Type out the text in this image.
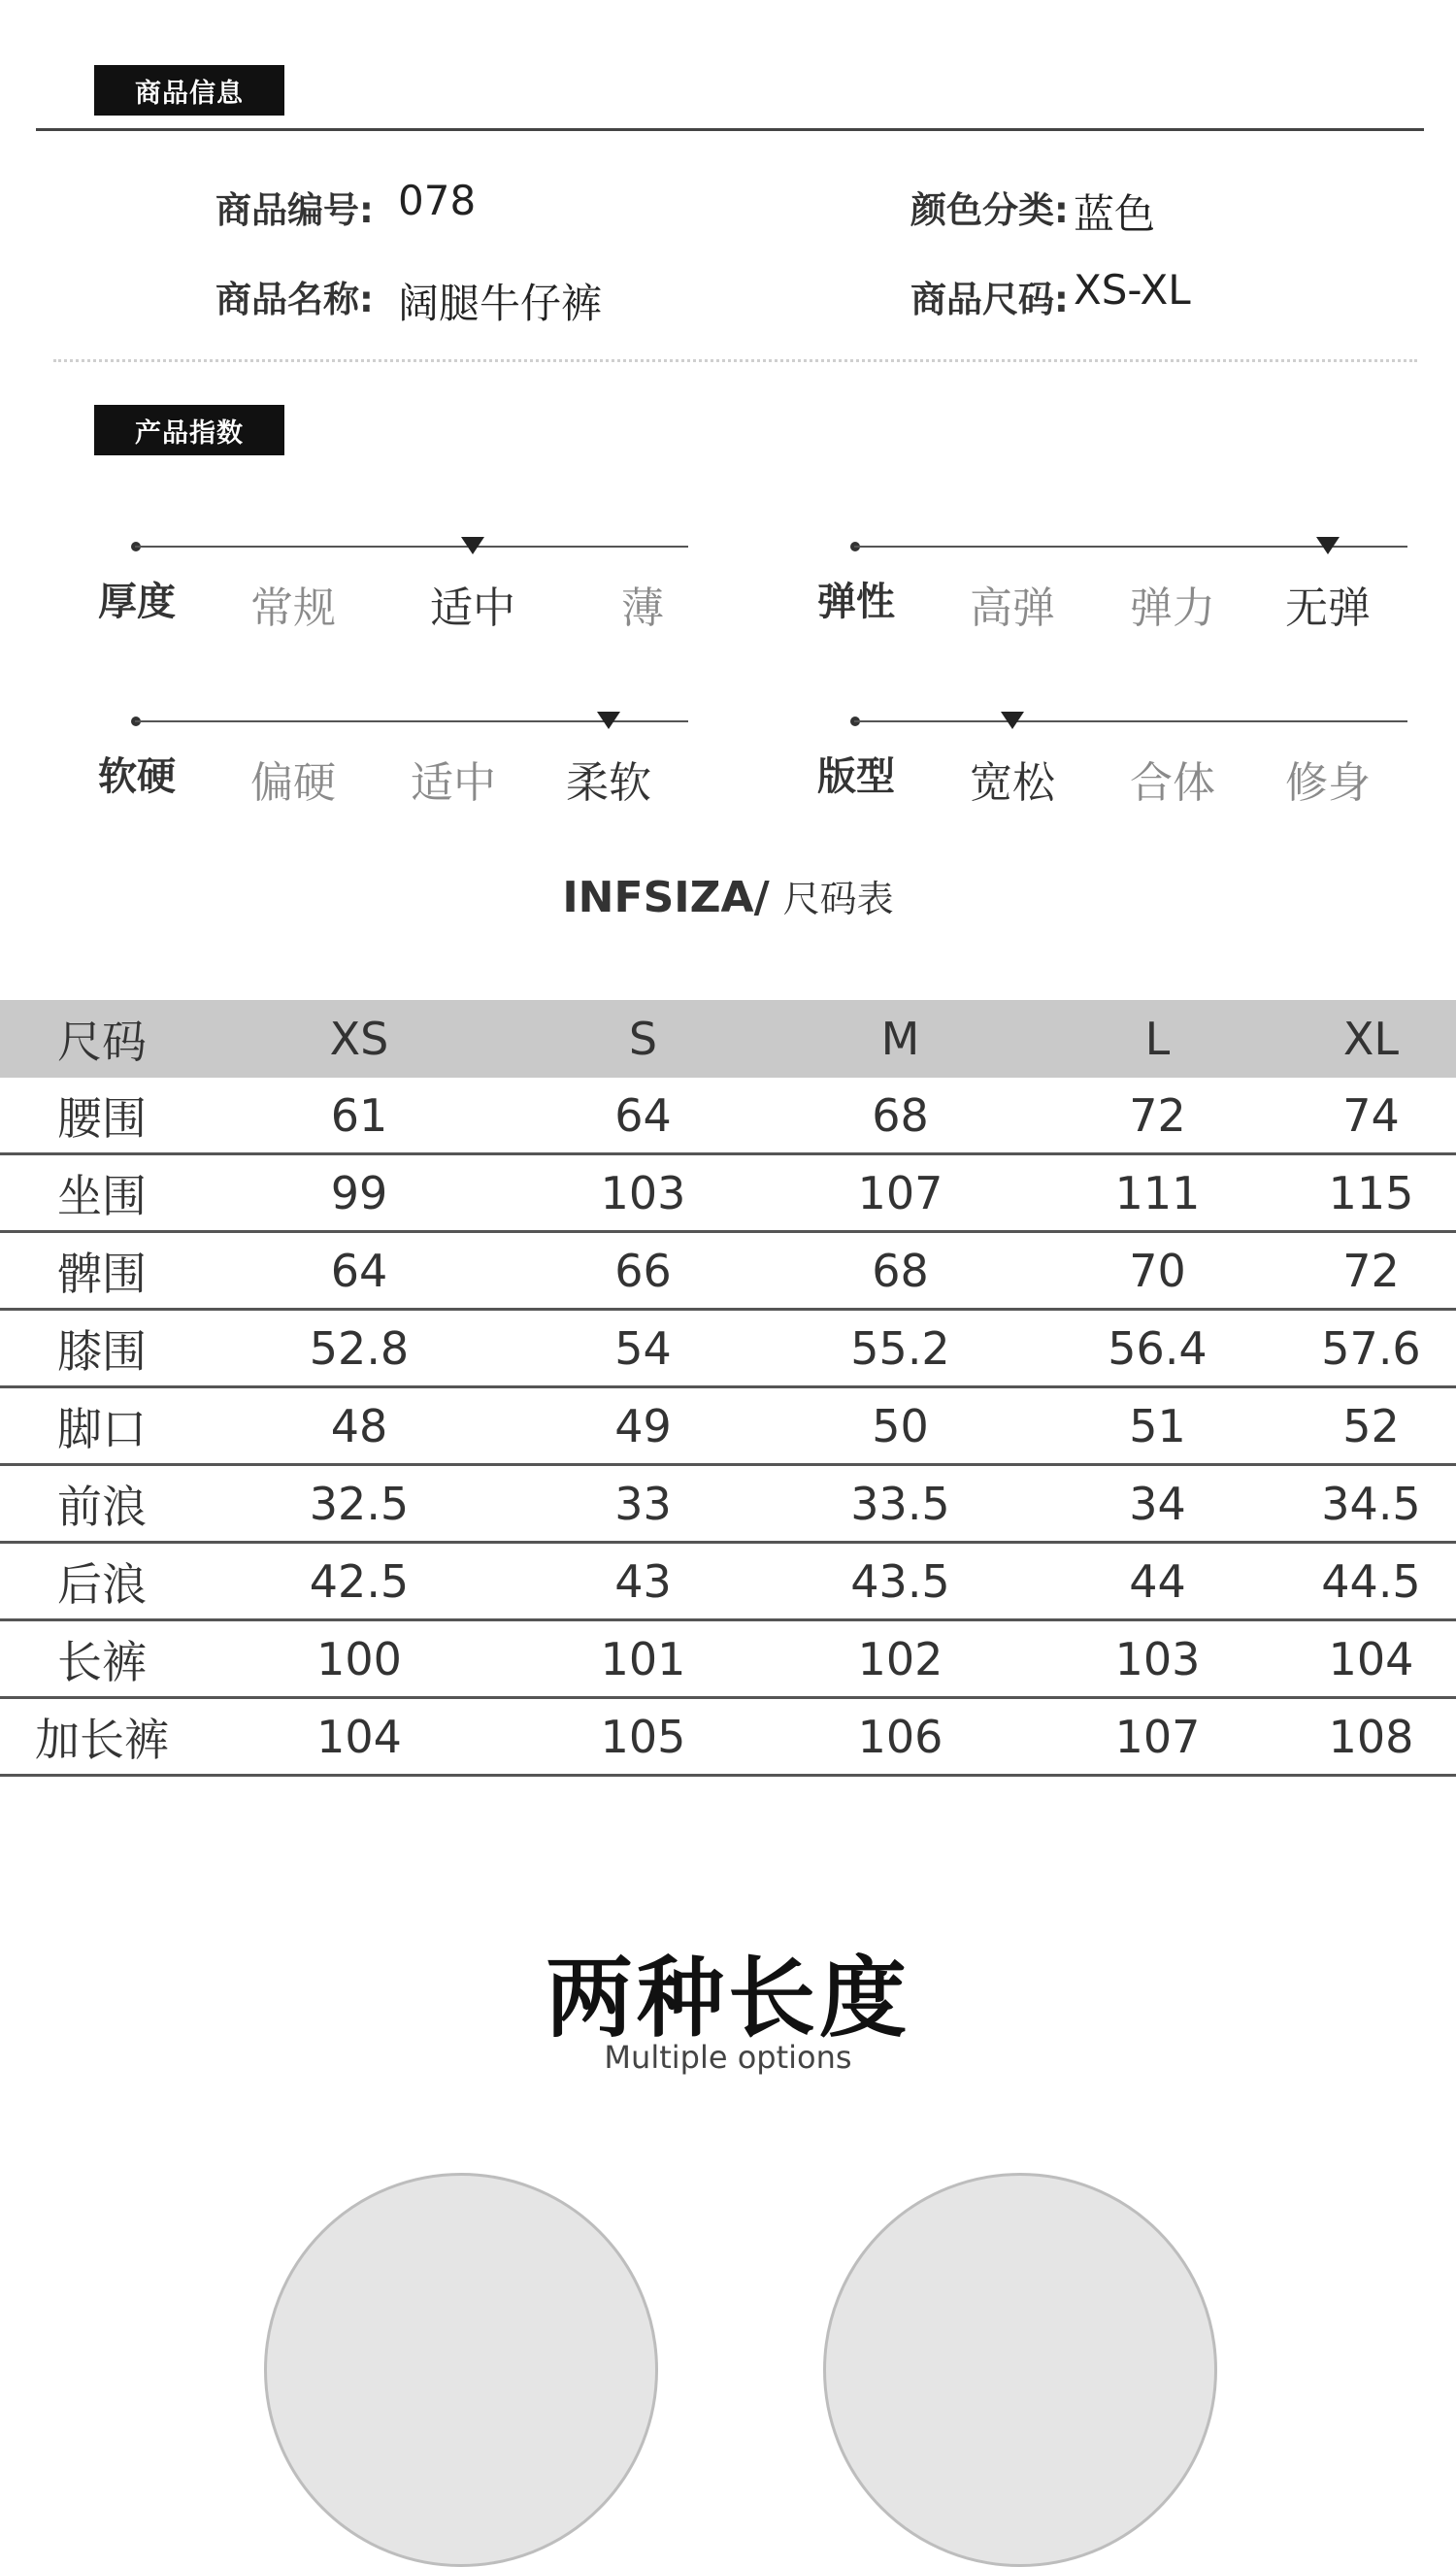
商品信息
商品编号: 078
商品名称: 阔腿牛仔裤
颜色分类: 蓝色
商品尺码: XS-XL
产品指数
厚度	常规	适中	薄	弹性	高弹	弹力	无弹
软硬	偏硬	适中	柔软	版型	宽松	合体	修身
INFSIZA/ 尺码表
尺码	XS	S	M	L	XL
腰围	61	64	68	72	74
坐围	99	103	107	111	115
髀围	64	66	68	70	72
膝围	52.8	54	55.2	56.4	57.6
脚口	48	49	50	51	52
前浪	32.5	33	33.5	34	34.5
后浪	42.5	43	43.5	44	44.5
长裤	100	101	102	103	104
加长裤	104	105	106	107	108
两种长度
Multiple options
